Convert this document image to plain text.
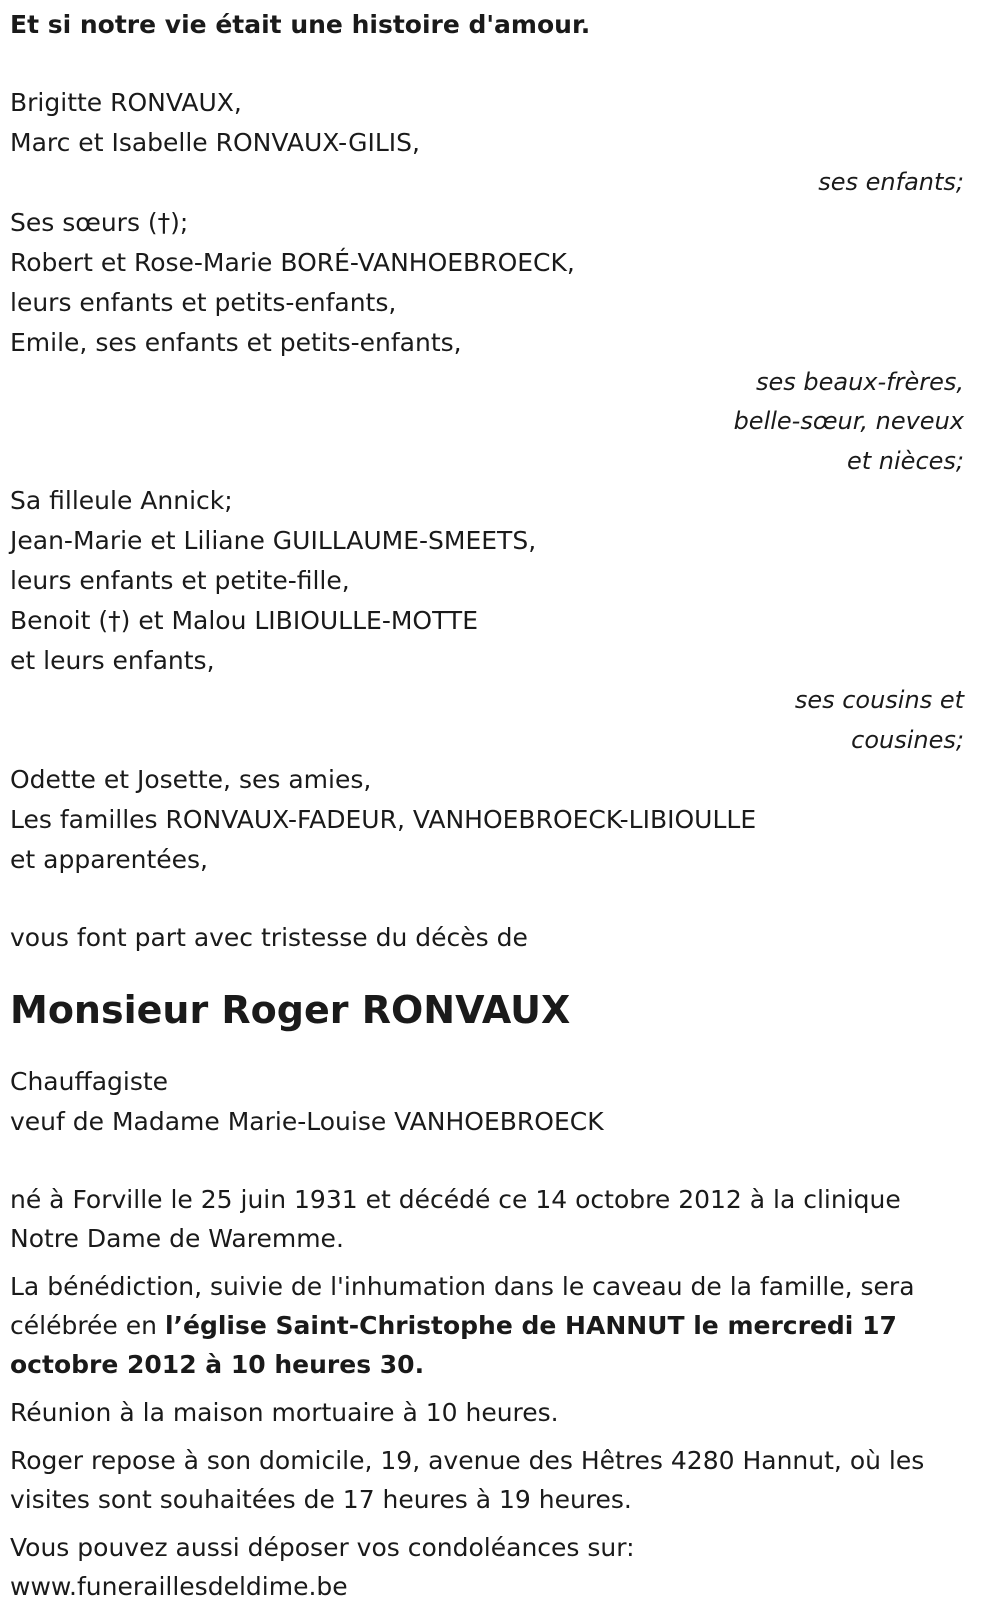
Et si notre vie était une histoire d'amour.
Brigitte RONVAUX,
Marc et Isabelle RONVAUX-GILIS,
ses enfants;
Ses sœurs (†);
Robert et Rose-Marie BORÉ-VANHOEBROECK,
leurs enfants et petits-enfants,
Emile, ses enfants et petits-enfants,
ses beaux-frères,
belle-sœur, neveux
et nièces;
Sa filleule Annick;
Jean-Marie et Liliane GUILLAUME-SMEETS,
leurs enfants et petite-fille,
Benoit (†) et Malou LIBIOULLE-MOTTE
et leurs enfants,
ses cousins et
cousines;
Odette et Josette, ses amies,
Les familles RONVAUX-FADEUR, VANHOEBROECK-LIBIOULLE
et apparentées,
vous font part avec tristesse du décès de
Monsieur Roger RONVAUX
Chauffagiste
veuf de Madame Marie-Louise VANHOEBROECK
né à Forville le 25 juin 1931 et décédé ce 14 octobre 2012 à la clinique Notre Dame de Waremme.
La bénédiction, suivie de l'inhumation dans le caveau de la famille, sera célébrée en l’église Saint-Christophe de HANNUT le mercredi 17 octobre 2012 à 10 heures 30.
Réunion à la maison mortuaire à 10 heures.
Roger repose à son domicile, 19, avenue des Hêtres 4280 Hannut, où les visites sont souhaitées de 17 heures à 19 heures.
Vous pouvez aussi déposer vos condoléances sur:
www.funeraillesdeldime.be
